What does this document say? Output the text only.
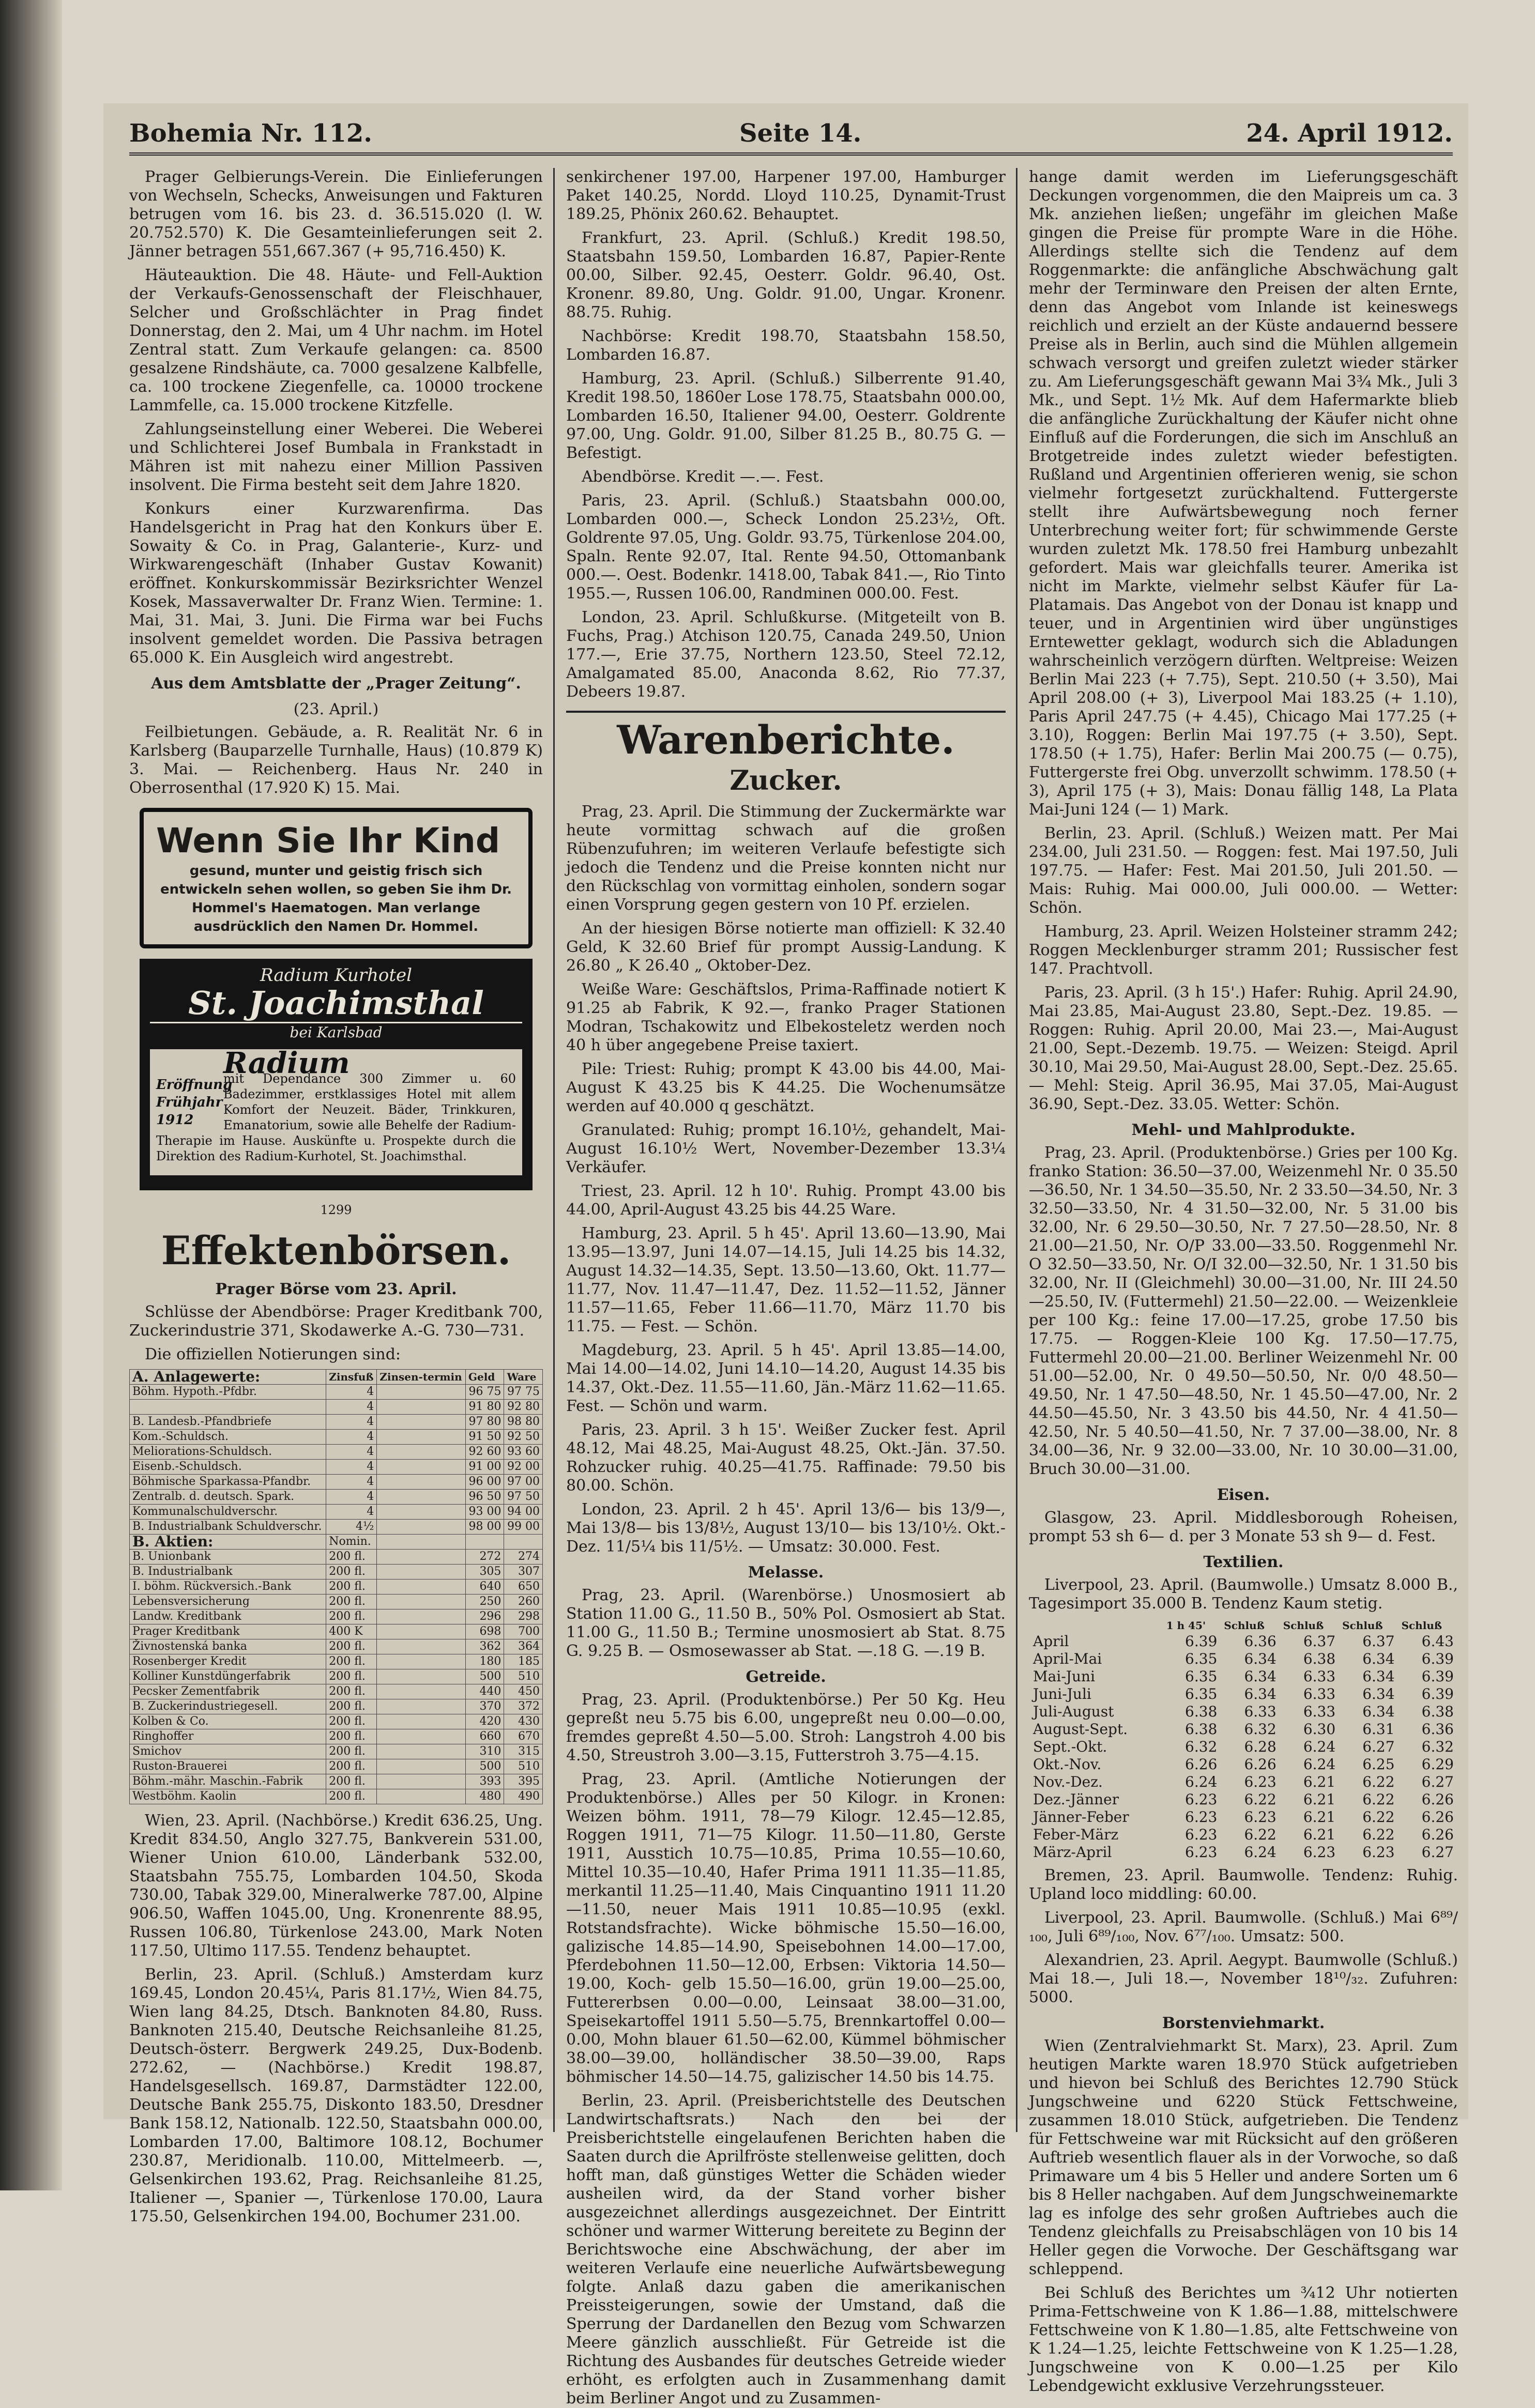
Bohemia Nr. 112.	Seite 14.	24. April 1912.

Prager Gelbierungs-Verein. Die Einlieferungen von Wechseln, Schecks, Anweisungen und Fakturen betrugen vom 16. bis 23. d. 36.515.020 (l. W. 20.752.570) K. Die Gesamteinlieferungen seit 2. Jänner betragen 551,667.367 (+ 95,716.450) K.

Häuteauktion. Die 48. Häute- und Fell-Auktion der Verkaufs-Genossenschaft der Fleischhauer, Selcher und Großschlächter in Prag findet Donnerstag, den 2. Mai, um 4 Uhr nachm. im Hotel Zentral statt. Zum Verkaufe gelangen: ca. 8500 gesalzene Rindshäute, ca. 7000 gesalzene Kalbfelle, ca. 100 trockene Ziegenfelle, ca. 10000 trockene Lammfelle, ca. 15.000 trockene Kitzfelle.

Zahlungseinstellung einer Weberei. Die Weberei und Schlichterei Josef Bumbala in Frankstadt in Mähren ist mit nahezu einer Million Passiven insolvent. Die Firma besteht seit dem Jahre 1820.

Konkurs einer Kurzwarenfirma. Das Handelsgericht in Prag hat den Konkurs über E. Sowaity & Co. in Prag, Galanterie-, Kurz- und Wirkwarengeschäft (Inhaber Gustav Kowanit) eröffnet. Konkurskommissär Bezirksrichter Wenzel Kosek, Massaverwalter Dr. Franz Wien. Termine: 1. Mai, 31. Mai, 3. Juni. Die Firma war bei Fuchs insolvent gemeldet worden. Die Passiva betragen 65.000 K. Ein Ausgleich wird angestrebt.

Aus dem Amtsblatte der „Prager Zeitung“.
(23. April.)

Feilbietungen. Gebäude, a. R. Realität Nr. 6 in Karlsberg (Bauparzelle Turnhalle, Haus) (10.879 K) 3. Mai. — Reichenberg. Haus Nr. 240 in Oberrosenthal (17.920 K) 15. Mai.

Wenn Sie Ihr Kind
gesund, munter und geistig frisch sich entwickeln sehen wollen, so geben Sie ihm Dr. Hommel's Haematogen. Man verlange ausdrücklich den Namen Dr. Hommel.
Radium Kurhotel
St. Joachimsthal
bei Karlsbad
Eröffnung Frühjahr 1912
Radium
mit Dependance 300 Zimmer u. 60 Badezimmer, erstklassiges Hotel mit allem Komfort der Neuzeit. Bäder, Trinkkuren, Emanatorium, sowie alle Behelfe der Radium-Therapie im Hause. Auskünfte u. Prospekte durch die Direktion des Radium-Kurhotel, St. Joachimsthal.
1299
Effektenbörsen.
Prager Börse vom 23. April.

Schlüsse der Abendbörse: Prager Kreditbank 700, Zuckerindustrie 371, Skodawerke A.-G. 730—731.

Die offiziellen Notierungen sind:

A. Anlagewerte:	Zinsfuß	Zinsen-termin	Geld	Ware
Böhm. Hypoth.-Pfdbr.	4		96 75	97 75
	4		91 80	92 80
B. Landesb.-Pfandbriefe	4		97 80	98 80
Kom.-Schuldsch.	4		91 50	92 50
Meliorations-Schuldsch.	4		92 60	93 60
Eisenb.-Schuldsch.	4		91 00	92 00
Böhmische Sparkassa-Pfandbr.	4		96 00	97 00
Zentralb. d. deutsch. Spark.	4		96 50	97 50
Kommunalschuldverschr.	4		93 00	94 00
B. Industrialbank Schuldverschr.	4½		98 00	99 00
B. Aktien:	Nomin.			
B. Unionbank	200 fl.		272	274
B. Industrialbank	200 fl.		305	307
I. böhm. Rückversich.-Bank	200 fl.		640	650
Lebensversicherung	200 fl.		250	260
Landw. Kreditbank	200 fl.		296	298
Prager Kreditbank	400 K		698	700
Živnostenská banka	200 fl.		362	364
Rosenberger Kredit	200 fl.		180	185
Kolliner Kunstdüngerfabrik	200 fl.		500	510
Pecsker Zementfabrik	200 fl.		440	450
B. Zuckerindustriegesell.	200 fl.		370	372
Kolben & Co.	200 fl.		420	430
Ringhoffer	200 fl.		660	670
Smichov	200 fl.		310	315
Ruston-Brauerei	200 fl.		500	510
Böhm.-mähr. Maschin.-Fabrik	200 fl.		393	395
Westböhm. Kaolin	200 fl.		480	490

Wien, 23. April. (Nachbörse.) Kredit 636.25, Ung. Kredit 834.50, Anglo 327.75, Bankverein 531.00, Wiener Union 610.00, Länderbank 532.00, Staatsbahn 755.75, Lombarden 104.50, Skoda 730.00, Tabak 329.00, Mineralwerke 787.00, Alpine 906.50, Waffen 1045.00, Ung. Kronenrente 88.95, Russen 106.80, Türkenlose 243.00, Mark Noten 117.50, Ultimo 117.55. Tendenz behauptet.

Berlin, 23. April. (Schluß.) Amsterdam kurz 169.45, London 20.45¼, Paris 81.17½, Wien 84.75, Wien lang 84.25, Dtsch. Banknoten 84.80, Russ. Banknoten 215.40, Deutsche Reichsanleihe 81.25, Deutsch-österr. Bergwerk 249.25, Dux-Bodenb. 272.62, — (Nachbörse.) Kredit 198.87, Handelsgesellsch. 169.87, Darmstädter 122.00, Deutsche Bank 255.75, Diskonto 183.50, Dresdner Bank 158.12, Nationalb. 122.50, Staatsbahn 000.00, Lombarden 17.00, Baltimore 108.12, Bochumer 230.87, Meridionalb. 110.00, Mittelmeerb. —, Gelsenkirchen 193.62, Prag. Reichsanleihe 81.25, Italiener —, Spanier —, Türkenlose 170.00, Laura 175.50, Gelsenkirchen 194.00, Bochumer 231.00.

senkirchener 197.00, Harpener 197.00, Hamburger Paket 140.25, Nordd. Lloyd 110.25, Dynamit-Trust 189.25, Phönix 260.62. Behauptet.

Frankfurt, 23. April. (Schluß.) Kredit 198.50, Staatsbahn 159.50, Lombarden 16.87, Papier-Rente 00.00, Silber. 92.45, Oesterr. Goldr. 96.40, Ost. Kronenr. 89.80, Ung. Goldr. 91.00, Ungar. Kronenr. 88.75. Ruhig.

Nachbörse: Kredit 198.70, Staatsbahn 158.50, Lombarden 16.87.

Hamburg, 23. April. (Schluß.) Silberrente 91.40, Kredit 198.50, 1860er Lose 178.75, Staatsbahn 000.00, Lombarden 16.50, Italiener 94.00, Oesterr. Goldrente 97.00, Ung. Goldr. 91.00, Silber 81.25 B., 80.75 G. — Befestigt.

Abendbörse. Kredit —.—. Fest.

Paris, 23. April. (Schluß.) Staatsbahn 000.00, Lombarden 000.—, Scheck London 25.23½, Oft. Goldrente 97.05, Ung. Goldr. 93.75, Türkenlose 204.00, Spaln. Rente 92.07, Ital. Rente 94.50, Ottomanbank 000.—. Oest. Bodenkr. 1418.00, Tabak 841.—, Rio Tinto 1955.—, Russen 106.00, Randminen 000.00. Fest.

London, 23. April. Schlußkurse. (Mitgeteilt von B. Fuchs, Prag.) Atchison 120.75, Canada 249.50, Union 177.—, Erie 37.75, Northern 123.50, Steel 72.12, Amalgamated 85.00, Anaconda 8.62, Rio 77.37, Debeers 19.87.

Warenberichte.
Zucker.

Prag, 23. April. Die Stimmung der Zuckermärkte war heute vormittag schwach auf die großen Rübenzufuhren; im weiteren Verlaufe befestigte sich jedoch die Tendenz und die Preise konnten nicht nur den Rückschlag von vormittag einholen, sondern sogar einen Vorsprung gegen gestern von 10 Pf. erzielen.

An der hiesigen Börse notierte man offiziell: K 32.40 Geld, K 32.60 Brief für prompt Aussig-Landung. K 26.80 „ K 26.40 „ Oktober-Dez.

Weiße Ware: Geschäftslos, Prima-Raffinade notiert K 91.25 ab Fabrik, K 92.—, franko Prager Stationen Modran, Tschakowitz und Elbekosteletz werden noch 40 h über angegebene Preise taxiert.

Pile: Triest: Ruhig; prompt K 43.00 bis 44.00, Mai-August K 43.25 bis K 44.25. Die Wochenumsätze werden auf 40.000 q geschätzt.

Granulated: Ruhig; prompt 16.10½, gehandelt, Mai-August 16.10½ Wert, November-Dezember 13.3¼ Verkäufer.

Triest, 23. April. 12 h 10'. Ruhig. Prompt 43.00 bis 44.00, April-August 43.25 bis 44.25 Ware.

Hamburg, 23. April. 5 h 45'. April 13.60—13.90, Mai 13.95—13.97, Juni 14.07—14.15, Juli 14.25 bis 14.32, August 14.32—14.35, Sept. 13.50—13.60, Okt. 11.77—11.77, Nov. 11.47—11.47, Dez. 11.52—11.52, Jänner 11.57—11.65, Feber 11.66—11.70, März 11.70 bis 11.75. — Fest. — Schön.

Magdeburg, 23. April. 5 h 45'. April 13.85—14.00, Mai 14.00—14.02, Juni 14.10—14.20, August 14.35 bis 14.37, Okt.-Dez. 11.55—11.60, Jän.-März 11.62—11.65. Fest. — Schön und warm.

Paris, 23. April. 3 h 15'. Weißer Zucker fest. April 48.12, Mai 48.25, Mai-August 48.25, Okt.-Jän. 37.50. Rohzucker ruhig. 40.25—41.75. Raffinade: 79.50 bis 80.00. Schön.

London, 23. April. 2 h 45'. April 13/6— bis 13/9—, Mai 13/8— bis 13/8½, August 13/10— bis 13/10½. Okt.-Dez. 11/5¼ bis 11/5½. — Umsatz: 30.000. Fest.

Melasse.

Prag, 23. April. (Warenbörse.) Unosmosiert ab Station 11.00 G., 11.50 B., 50% Pol. Osmosiert ab Stat. 11.00 G., 11.50 B.; Termine unosmosiert ab Stat. 8.75 G. 9.25 B. — Osmosewasser ab Stat. —.18 G. —.19 B.

Getreide.

Prag, 23. April. (Produktenbörse.) Per 50 Kg. Heu gepreßt neu 5.75 bis 6.00, ungepreßt neu 0.00—0.00, fremdes gepreßt 4.50—5.00. Stroh: Langstroh 4.00 bis 4.50, Streustroh 3.00—3.15, Futterstroh 3.75—4.15.

Prag, 23. April. (Amtliche Notierungen der Produktenbörse.) Alles per 50 Kilogr. in Kronen: Weizen böhm. 1911, 78—79 Kilogr. 12.45—12.85, Roggen 1911, 71—75 Kilogr. 11.50—11.80, Gerste 1911, Ausstich 10.75—10.85, Prima 10.55—10.60, Mittel 10.35—10.40, Hafer Prima 1911 11.35—11.85, merkantil 11.25—11.40, Mais Cinquantino 1911 11.20—11.50, neuer Mais 1911 10.85—10.95 (exkl. Rotstandsfrachte). Wicke böhmische 15.50—16.00, galizische 14.85—14.90, Speisebohnen 14.00—17.00, Pferdebohnen 11.50—12.00, Erbsen: Viktoria 14.50—19.00, Koch- gelb 15.50—16.00, grün 19.00—25.00, Futtererbsen 0.00—0.00, Leinsaat 38.00—31.00, Speisekartoffel 1911 5.50—5.75, Brennkartoffel 0.00—0.00, Mohn blauer 61.50—62.00, Kümmel böhmischer 38.00—39.00, holländischer 38.50—39.00, Raps böhmischer 14.50—14.75, galizischer 14.50 bis 14.75.

Berlin, 23. April. (Preisberichtstelle des Deutschen Landwirtschaftsrats.) Nach den bei der Preisberichtstelle eingelaufenen Berichten haben die Saaten durch die Aprilfröste stellenweise gelitten, doch hofft man, daß günstiges Wetter die Schäden wieder ausheilen wird, da der Stand vorher bisher ausgezeichnet allerdings ausgezeichnet. Der Eintritt schöner und warmer Witterung bereitete zu Beginn der Berichtswoche eine Abschwächung, der aber im weiteren Verlaufe eine neuerliche Aufwärtsbewegung folgte. Anlaß dazu gaben die amerikanischen Preissteigerungen, sowie der Umstand, daß die Sperrung der Dardanellen den Bezug vom Schwarzen Meere gänzlich ausschließt. Für Getreide ist die Richtung des Ausbandes für deutsches Getreide wieder erhöht, es erfolgten auch in Zusammenhang damit beim Berliner Angot und zu Zusammen-

hange damit werden im Lieferungsgeschäft Deckungen vorgenommen, die den Maipreis um ca. 3 Mk. anziehen ließen; ungefähr im gleichen Maße gingen die Preise für prompte Ware in die Höhe. Allerdings stellte sich die Tendenz auf dem Roggenmarkte: die anfängliche Abschwächung galt mehr der Terminware den Preisen der alten Ernte, denn das Angebot vom Inlande ist keineswegs reichlich und erzielt an der Küste andauernd bessere Preise als in Berlin, auch sind die Mühlen allgemein schwach versorgt und greifen zuletzt wieder stärker zu. Am Lieferungsgeschäft gewann Mai 3¾ Mk., Juli 3 Mk., und Sept. 1½ Mk. Auf dem Hafermarkte blieb die anfängliche Zurückhaltung der Käufer nicht ohne Einfluß auf die Forderungen, die sich im Anschluß an Brotgetreide indes zuletzt wieder befestigten. Rußland und Argentinien offerieren wenig, sie schon vielmehr fortgesetzt zurückhaltend. Futtergerste stellt ihre Aufwärtsbewegung noch ferner Unterbrechung weiter fort; für schwimmende Gerste wurden zuletzt Mk. 178.50 frei Hamburg unbezahlt gefordert. Mais war gleichfalls teurer. Amerika ist nicht im Markte, vielmehr selbst Käufer für La-Platamais. Das Angebot von der Donau ist knapp und teuer, und in Argentinien wird über ungünstiges Erntewetter geklagt, wodurch sich die Abladungen wahrscheinlich verzögern dürften. Weltpreise: Weizen Berlin Mai 223 (+ 7.75), Sept. 210.50 (+ 3.50), Mai April 208.00 (+ 3), Liverpool Mai 183.25 (+ 1.10), Paris April 247.75 (+ 4.45), Chicago Mai 177.25 (+ 3.10), Roggen: Berlin Mai 197.75 (+ 3.50), Sept. 178.50 (+ 1.75), Hafer: Berlin Mai 200.75 (— 0.75), Futtergerste frei Obg. unverzollt schwimm. 178.50 (+ 3), April 175 (+ 3), Mais: Donau fällig 148, La Plata Mai-Juni 124 (— 1) Mark.

Berlin, 23. April. (Schluß.) Weizen matt. Per Mai 234.00, Juli 231.50. — Roggen: fest. Mai 197.50, Juli 197.75. — Hafer: Fest. Mai 201.50, Juli 201.50. — Mais: Ruhig. Mai 000.00, Juli 000.00. — Wetter: Schön.

Hamburg, 23. April. Weizen Holsteiner stramm 242; Roggen Mecklenburger stramm 201; Russischer fest 147. Prachtvoll.

Paris, 23. April. (3 h 15'.) Hafer: Ruhig. April 24.90, Mai 23.85, Mai-August 23.80, Sept.-Dez. 19.85. — Roggen: Ruhig. April 20.00, Mai 23.—, Mai-August 21.00, Sept.-Dezemb. 19.75. — Weizen: Steigd. April 30.10, Mai 29.50, Mai-August 28.00, Sept.-Dez. 25.65. — Mehl: Steig. April 36.95, Mai 37.05, Mai-August 36.90, Sept.-Dez. 33.05. Wetter: Schön.

Mehl- und Mahlprodukte.

Prag, 23. April. (Produktenbörse.) Gries per 100 Kg. franko Station: 36.50—37.00, Weizenmehl Nr. 0 35.50—36.50, Nr. 1 34.50—35.50, Nr. 2 33.50—34.50, Nr. 3 32.50—33.50, Nr. 4 31.50—32.00, Nr. 5 31.00 bis 32.00, Nr. 6 29.50—30.50, Nr. 7 27.50—28.50, Nr. 8 21.00—21.50, Nr. O/P 33.00—33.50. Roggenmehl Nr. O 32.50—33.50, Nr. O/I 32.00—32.50, Nr. 1 31.50 bis 32.00, Nr. II (Gleichmehl) 30.00—31.00, Nr. III 24.50—25.50, IV. (Futtermehl) 21.50—22.00. — Weizenkleie per 100 Kg.: feine 17.00—17.25, grobe 17.50 bis 17.75. — Roggen-Kleie 100 Kg. 17.50—17.75, Futtermehl 20.00—21.00. Berliner Weizenmehl Nr. 00 51.00—52.00, Nr. 0 49.50—50.50, Nr. 0/0 48.50—49.50, Nr. 1 47.50—48.50, Nr. 1 45.50—47.00, Nr. 2 44.50—45.50, Nr. 3 43.50 bis 44.50, Nr. 4 41.50—42.50, Nr. 5 40.50—41.50, Nr. 7 37.00—38.00, Nr. 8 34.00—36, Nr. 9 32.00—33.00, Nr. 10 30.00—31.00, Bruch 30.00—31.00.

Eisen.

Glasgow, 23. April. Middlesborough Roheisen, prompt 53 sh 6— d. per 3 Monate 53 sh 9— d. Fest.

Textilien.

Liverpool, 23. April. (Baumwolle.) Umsatz 8.000 B., Tagesimport 35.000 B. Tendenz Kaum stetig.

	1 h 45'	Schluß	Schluß	Schluß	Schluß
April	6.39	6.36	6.37	6.37	6.43
April-Mai	6.35	6.34	6.38	6.34	6.39
Mai-Juni	6.35	6.34	6.33	6.34	6.39
Juni-Juli	6.35	6.34	6.33	6.34	6.39
Juli-August	6.38	6.33	6.33	6.34	6.38
August-Sept.	6.38	6.32	6.30	6.31	6.36
Sept.-Okt.	6.32	6.28	6.24	6.27	6.32
Okt.-Nov.	6.26	6.26	6.24	6.25	6.29
Nov.-Dez.	6.24	6.23	6.21	6.22	6.27
Dez.-Jänner	6.23	6.22	6.21	6.22	6.26
Jänner-Feber	6.23	6.23	6.21	6.22	6.26
Feber-März	6.23	6.22	6.21	6.22	6.26
März-April	6.23	6.24	6.23	6.23	6.27

Bremen, 23. April. Baumwolle. Tendenz: Ruhig. Upland loco middling: 60.00.

Liverpool, 23. April. Baumwolle. (Schluß.) Mai 6⁸⁹/₁₀₀, Juli 6⁸⁹/₁₀₀, Nov. 6⁷⁷/₁₀₀. Umsatz: 500.

Alexandrien, 23. April. Aegypt. Baumwolle (Schluß.) Mai 18.—, Juli 18.—, November 18¹⁰/₃₂. Zufuhren: 5000.

Borstenviehmarkt.

Wien (Zentralviehmarkt St. Marx), 23. April. Zum heutigen Markte waren 18.970 Stück aufgetrieben und hievon bei Schluß des Berichtes 12.790 Stück Jungschweine und 6220 Stück Fettschweine, zusammen 18.010 Stück, aufgetrieben. Die Tendenz für Fettschweine war mit Rücksicht auf den größeren Auftrieb wesentlich flauer als in der Vorwoche, so daß Primaware um 4 bis 5 Heller und andere Sorten um 6 bis 8 Heller nachgaben. Auf dem Jungschweinemarkte lag es infolge des sehr großen Auftriebes auch die Tendenz gleichfalls zu Preisabschlägen von 10 bis 14 Heller gegen die Vorwoche. Der Geschäftsgang war schleppend.

Bei Schluß des Berichtes um ¾12 Uhr notierten Prima-Fettschweine von K 1.86—1.88, mittelschwere Fettschweine von K 1.80—1.85, alte Fettschweine von K 1.24—1.25, leichte Fettschweine von K 1.25—1.28, Jungschweine von K 0.00—1.25 per Kilo Lebendgewicht exklusive Verzehrungssteuer.
